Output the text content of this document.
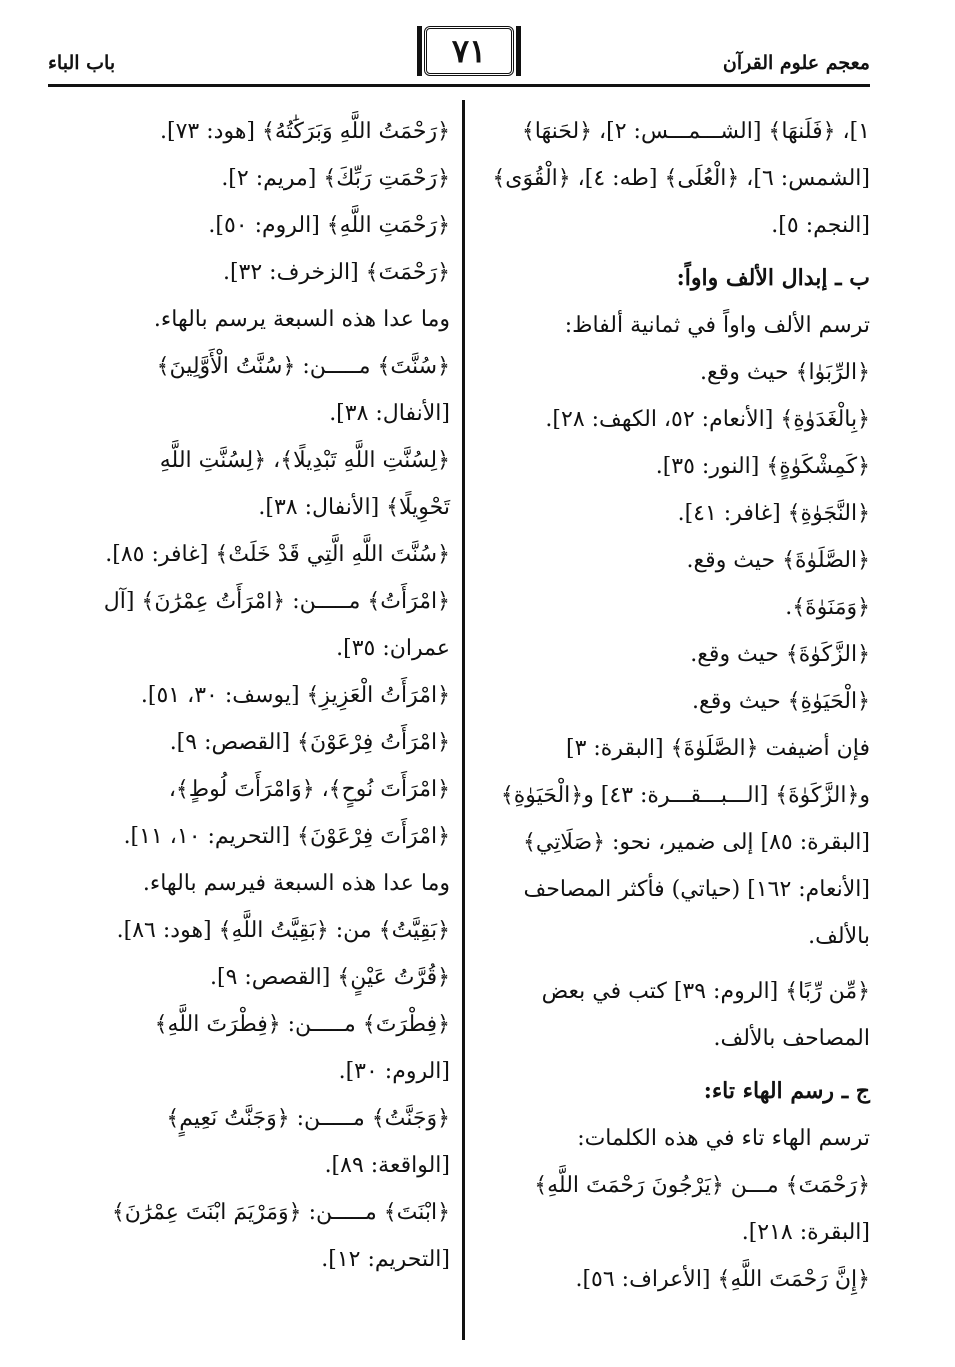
معجم علوم القرآن
٧١
باب الباء

١]، ﴿فَلَنهَا﴾ [الشـــمـــس: ٢]، ﴿لحَنهَا﴾

[الشمس: ٦]، ﴿الْعُلَى﴾ [طه: ٤]، ﴿الْقُوَى﴾

[النجم: ٥].

ب ـ إبدال الألف واواً:

ترسم الألف واواً في ثمانية ألفاظ:

﴿الرِّبَوٰا﴾ حيث وقع.

﴿بِالْغَدَوٰةِ﴾ [الأنعام: ٥٢، الكهف: ٢٨].

﴿كَمِشْكَوٰةٍ﴾ [النور: ٣٥].

﴿النَّجَوٰةِ﴾ [غافر: ٤١].

﴿الصَّلَوٰةَ﴾ حيث وقع.

﴿وَمَنَوٰةَ﴾.

﴿الزَّكَوٰةَ﴾ حيث وقع.

﴿الْحَيَوٰةِ﴾ حيث وقع.

فإن أضيفت ﴿الصَّلَوٰةَ﴾ [البقرة: ٣]

و﴿الزَّكَوٰةَ﴾ [الـــبـــقـــرة: ٤٣] و﴿الْحَيَوٰةِ﴾

[البقرة: ٨٥] إلى ضمير، نحو: ﴿صَلَاتِي﴾

[الأنعام: ١٦٢] (حياتي) فأكثر المصاحف

بالألف.

﴿مِّن رِّبًا﴾ [الروم: ٣٩] كتب في بعض

المصاحف بالألف.

ج ـ رسم الهاء تاء:

ترسم الهاء تاء في هذه الكلمات:

﴿رَحْمَتَ﴾ مـــن ﴿يَرْجُونَ رَحْمَتَ اللَّهِ﴾

[البقرة: ٢١٨].

﴿إِنَّ رَحْمَتَ اللَّهِ﴾ [الأعراف: ٥٦].

﴿رَحْمَتُ اللَّهِ وَبَرَكَٰتُهُ﴾ [هود: ٧٣].

﴿رَحْمَتِ رَبِّكَ﴾ [مريم: ٢].

﴿رَحْمَتِ اللَّهِ﴾ [الروم: ٥٠].

﴿رَحْمَتَ﴾ [الزخرف: ٣٢].

وما عدا هذه السبعة يرسم بالهاء.

﴿سُنَّتَ﴾ مـــــن: ﴿سُنَّتُ الْأَوَّلِينَ﴾

[الأنفال: ٣٨].

﴿لِسُنَّتِ اللَّهِ تَبْدِيلًا﴾، ﴿لِسُنَّتِ اللَّهِ

تَحْوِيلًا﴾ [الأنفال: ٣٨].

﴿سُنَّتَ اللَّهِ الَّتِي قَدْ خَلَتْ﴾ [غافر: ٨٥].

﴿امْرَأَتُ﴾ مـــــن: ﴿امْرَأَتُ عِمْرَٰنَ﴾ [آل

عمران: ٣٥].

﴿امْرَأَتُ الْعَزِيزِ﴾ [يوسف: ٣٠، ٥١].

﴿امْرَأَتُ فِرْعَوْنَ﴾ [القصص: ٩].

﴿امْرَأَتَ نُوحٍ﴾، ﴿وَامْرَأَتَ لُوطٍ﴾،

﴿امْرَأَتَ فِرْعَوْنَ﴾ [التحريم: ١٠، ١١].

وما عدا هذه السبعة فيرسم بالهاء.

﴿بَقِيَّتُ﴾ من: ﴿بَقِيَّتُ اللَّهِ﴾ [هود: ٨٦].

﴿قُرَّتُ عَيْنٍ﴾ [القصص: ٩].

﴿فِطْرَتَ﴾ مـــــن: ﴿فِطْرَتَ اللَّهِ﴾

[الروم: ٣٠].

﴿وَجَنَّتُ﴾ مـــــن: ﴿وَجَنَّتُ نَعِيمٍ﴾

[الواقعة: ٨٩].

﴿ابْنَتَ﴾ مـــــن: ﴿وَمَرْيَمَ ابْنَتَ عِمْرَٰنَ﴾

[التحريم: ١٢].
